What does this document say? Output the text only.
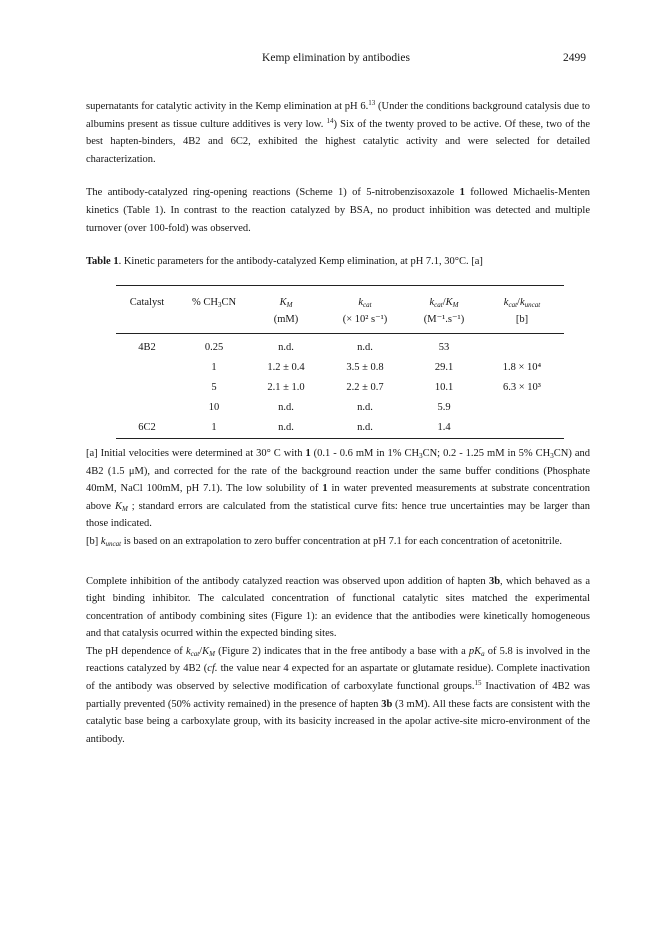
Kemp elimination by antibodies	2499

supernatants for catalytic activity in the Kemp elimination at pH 6.13 (Under the conditions background catalysis due to albumins present as tissue culture additives is very low. $^{14}$) Six of the twenty proved to be active. Of these, two of the best hapten-binders, 4B2 and 6C2, exhibited the highest catalytic activity and were selected for detailed characterization.

The antibody-catalyzed ring-opening reactions (Scheme 1) of 5-nitrobenzisoxazole 1 followed Michaelis-Menten kinetics (Table 1). In contrast to the reaction catalyzed by BSA, no product inhibition was detected and multiple turnover (over 100-fold) was observed.

Table 1. Kinetic parameters for the antibody-catalyzed Kemp elimination, at pH 7.1, 30°C. [a]

Catalyst	% $CH_3CN$	$K_M$	$k_{cat}$	$k_{cat}/K_M$	$k_{cat}/k_{uncat}$
		(mM)	(× 10² s⁻¹)	(M⁻¹.s⁻¹)	[b]
4B2	0.25	n.d.	n.d.	53	
	1	1.2 ± 0.4	3.5 ± 0.8	29.1	1.8 × 10⁴
	5	2.1 ± 1.0	2.2 ± 0.7	10.1	6.3 × 10³
	10	n.d.	n.d.	5.9	
6C2	1	n.d.	n.d.	1.4	

[a] Initial velocities were determined at 30° C with 1 (0.1 - 0.6 mM in 1% $CH_3CN$; 0.2 - 1.25 mM in 5% $CH_3CN$) and 4B2 (1.5 μM), and corrected for the rate of the background reaction under the same buffer conditions (Phosphate 40mM, NaCl 100mM, pH 7.1). The low solubility of 1 in water prevented measurements at substrate concentration above $K_M$ ; standard errors are calculated from the statistical curve fits: hence true uncertainties may be larger than those indicated.

[b] $k_{uncat}$ is based on an extrapolation to zero buffer concentration at pH 7.1 for each concentration of acetonitrile.

Complete inhibition of the antibody catalyzed reaction was observed upon addition of hapten 3b, which behaved as a tight binding inhibitor. The calculated concentration of functional catalytic sites matched the experimental concentration of antibody combining sites (Figure 1): an evidence that the antibodies were kinetically homogeneous and that catalysis ocurred within the expected binding sites.

The pH dependence of $k_{cat}/K_M$ (Figure 2) indicates that in the free antibody a base with a $pK_a$ of 5.8 is involved in the reactions catalyzed by 4B2 (cf. the value near 4 expected for an aspartate or glutamate residue). Complete inactivation of the antibody was observed by selective modification of carboxylate functional groups.$^{15}$ Inactivation of 4B2 was partially prevented (50% activity remained) in the presence of hapten 3b (3 mM). All these facts are consistent with the catalytic base being a carboxylate group, with its basicity increased in the apolar active-site micro-environment of the antibody.
